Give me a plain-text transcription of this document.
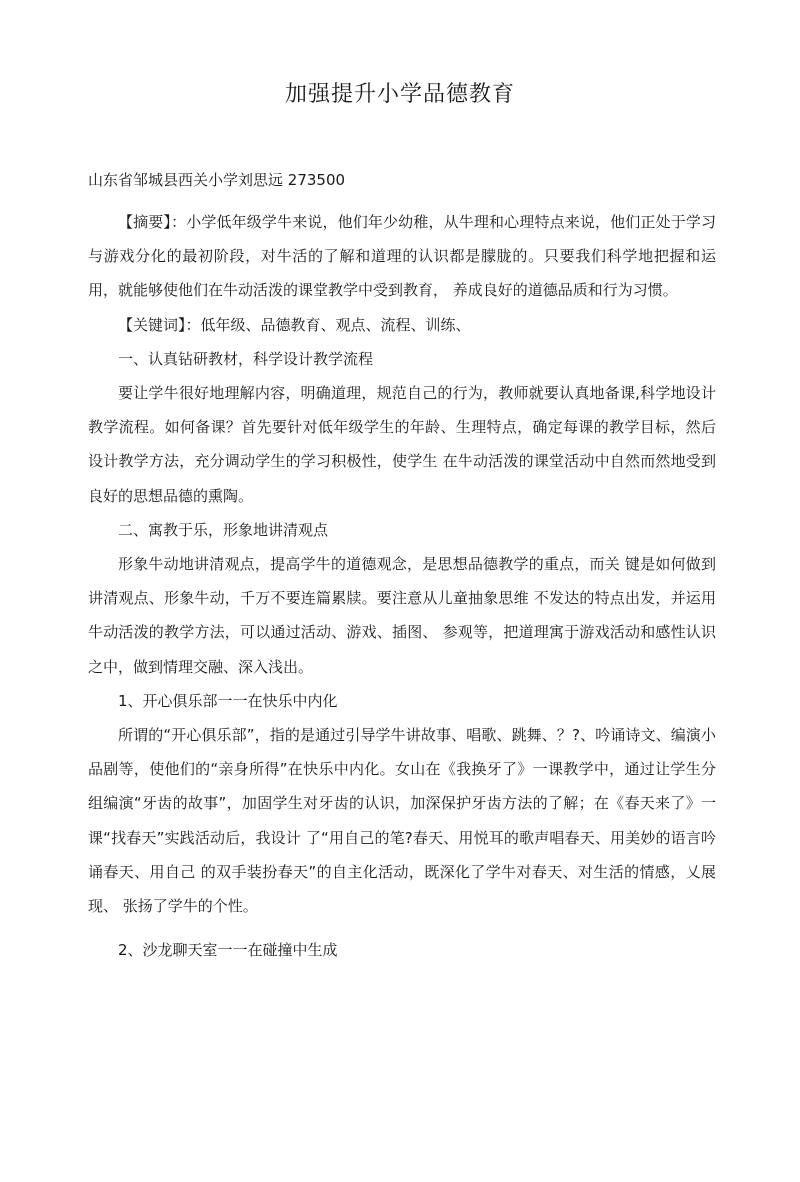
加强提升小学品德教育
山东省邹城县西关小学刘思远 273500

【摘要】：小学低年级学牛来说，他们年少幼稚，从牛理和心理特点来说，他们正处于学习与游戏分化的最初阶段，对牛活的了解和道理的认识都是朦胧的。只要我们科学地把握和运用，就能够使他们在牛动活泼的课堂教学中受到教育， 养成良好的道德品质和行为习惯。

【关键词】：低年级、品德教育、观点、流程、训练、

一、认真钻研教材，科学设计教学流程

要让学牛很好地理解内容，明确道理，规范自己的行为，教师就要认真地备课,科学地设计教学流程。如何备课？首先要针对低年级学生的年龄、生理特点，确定每课的教学目标，然后设计教学方法，充分调动学生的学习积极性，使学生 在牛动活泼的课堂活动中自然而然地受到良好的思想品德的熏陶。

二、寓教于乐，形象地讲清观点

形象牛动地讲清观点，提高学牛的道德观念，是思想品德教学的重点，而关 键是如何做到讲清观点、形象牛动，千万不要连篇累牍。要注意从儿童抽象思维 不发达的特点出发，并运用牛动活泼的教学方法，可以通过活动、游戏、插图、 参观等，把道理寓于游戏活动和感性认识之中，做到情理交融、深入浅出。

1、开心俱乐部一一在快乐中内化

所谓的“开心俱乐部”，指的是通过引导学牛讲故事、唱歌、跳舞、？?、吟诵诗文、编演小品剧等，使他们的“亲身所得”在快乐中内化。女山在《我换牙了》一课教学中，通过让学生分组编演“牙齿的故事”，加固学生对牙齿的认识，加深保护牙齿方法的了解；在《春天来了》一课“找春天”实践活动后，我设计 了“用自己的笔?春天、用悦耳的歌声唱春天、用美妙的语言吟诵春天、用自己 的双手装扮春天”的自主化活动，既深化了学牛对春天、对生活的情感，乂展现、 张扬了学牛的个性。

2、沙龙聊天室一一在碰撞中生成
